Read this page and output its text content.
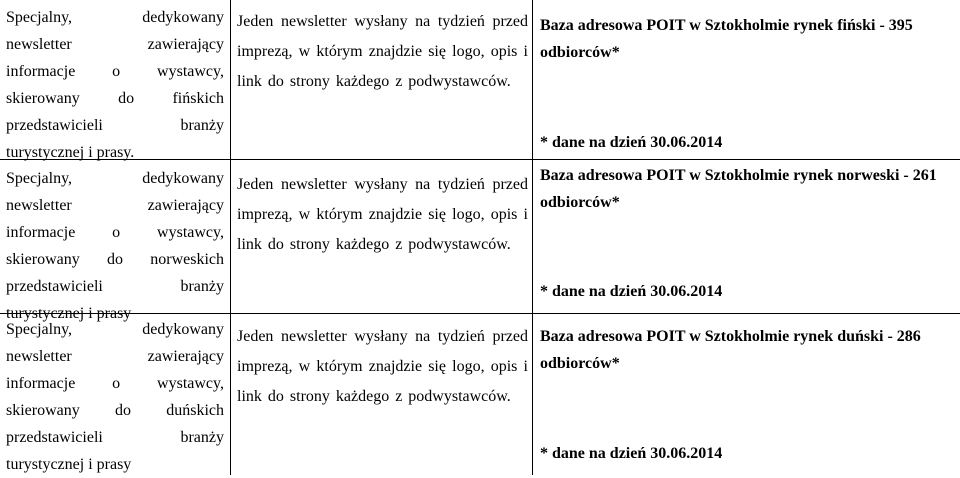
Specjalny, dedykowany newsletter zawierający informacje o wystawcy, skierowany do fińskich przedstawicieli branży turystycznej i prasy.
Jeden newsletter wysłany na tydzień przed imprezą, w którym znajdzie się logo, opis i link do strony każdego z podwystawców.

Baza adresowa POIT w Sztokholmie rynek fiński - 395 odbiorców*

* dane na dzień 30.06.2014
Specjalny, dedykowany newsletter zawierający informacje o wystawcy, skierowany do norweskich przedstawicieli branży turystycznej i prasy
Jeden newsletter wysłany na tydzień przed imprezą, w którym znajdzie się logo, opis i link do strony każdego z podwystawców.

Baza adresowa POIT w Sztokholmie rynek norweski - 261 odbiorców*

* dane na dzień 30.06.2014
Specjalny, dedykowany newsletter zawierający informacje o wystawcy, skierowany do duńskich przedstawicieli branży turystycznej i prasy
Jeden newsletter wysłany na tydzień przed imprezą, w którym znajdzie się logo, opis i link do strony każdego z podwystawców.

Baza adresowa POIT w Sztokholmie rynek duński - 286 odbiorców*

* dane na dzień 30.06.2014
